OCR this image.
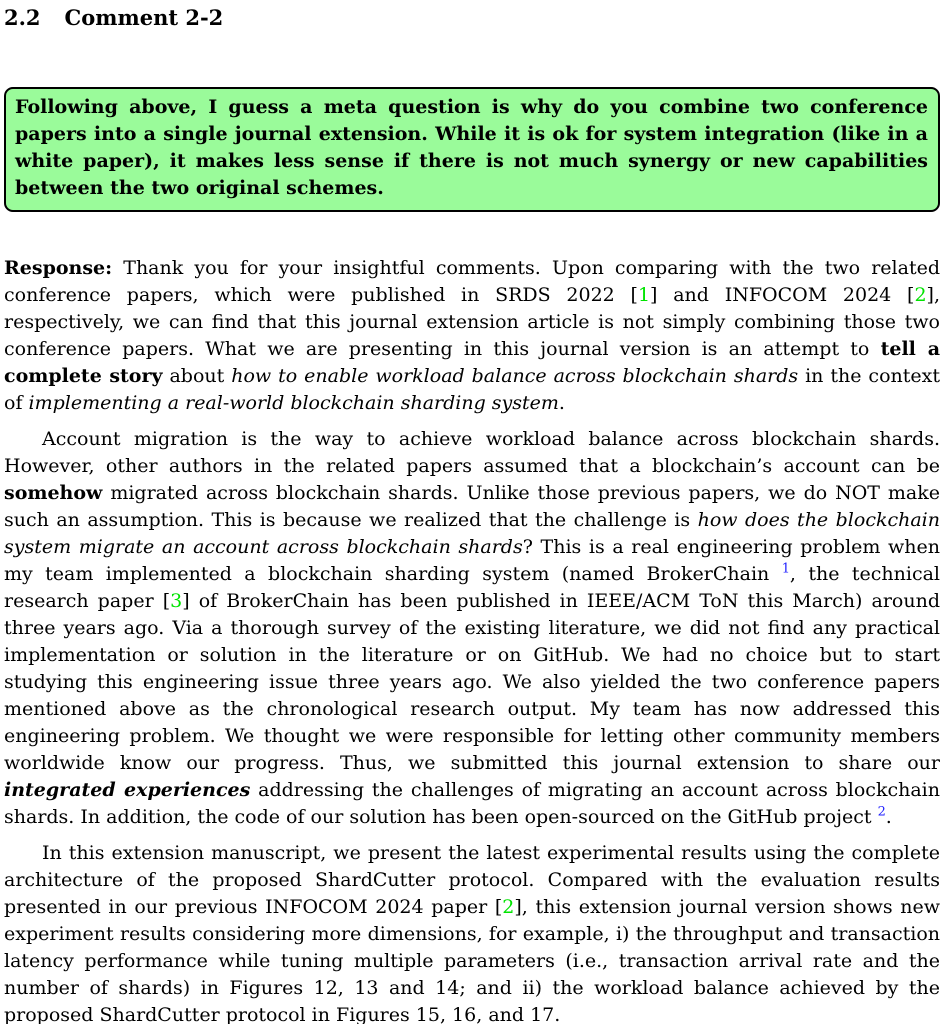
2.2 Comment 2-2
Following above, I guess a meta question is why do you combine two conference papers into a single journal extension. While it is ok for system integration (like in a white paper), it makes less sense if there is not much synergy or new capabilities between the two original schemes.

Response: Thank you for your insightful comments. Upon comparing with the two related conference papers, which were published in SRDS 2022 [1] and INFOCOM 2024 [2], respectively, we can find that this journal extension article is not simply combining those two conference papers. What we are presenting in this journal version is an attempt to tell a complete story about how to enable workload balance across blockchain shards in the context of implementing a real-world blockchain sharding system.

Account migration is the way to achieve workload balance across blockchain shards. However, other authors in the related papers assumed that a blockchain’s account can be somehow migrated across blockchain shards. Unlike those previous papers, we do NOT make such an assumption. This is because we realized that the challenge is how does the blockchain system migrate an account across blockchain shards? This is a real engineering problem when my team implemented a blockchain sharding system (named BrokerChain $^1$, the technical research paper [3] of BrokerChain has been published in IEEE/ACM ToN this March) around three years ago. Via a thorough survey of the existing literature, we did not find any practical implementation or solution in the literature or on GitHub. We had no choice but to start studying this engineering issue three years ago. We also yielded the two conference papers mentioned above as the chronological research output. My team has now addressed this engineering problem. We thought we were responsible for letting other community members worldwide know our progress. Thus, we submitted this journal extension to share our integrated experiences addressing the challenges of migrating an account across blockchain shards. In addition, the code of our solution has been open-sourced on the GitHub project $^2$.

In this extension manuscript, we present the latest experimental results using the complete architecture of the proposed ShardCutter protocol. Compared with the evaluation results presented in our previous INFOCOM 2024 paper [2], this extension journal version shows new experiment results considering more dimensions, for example, i) the throughput and transaction latency performance while tuning multiple parameters (i.e., transaction arrival rate and the number of shards) in Figures 12, 13 and 14; and ii) the workload balance achieved by the proposed ShardCutter protocol in Figures 15, 16, and 17.
